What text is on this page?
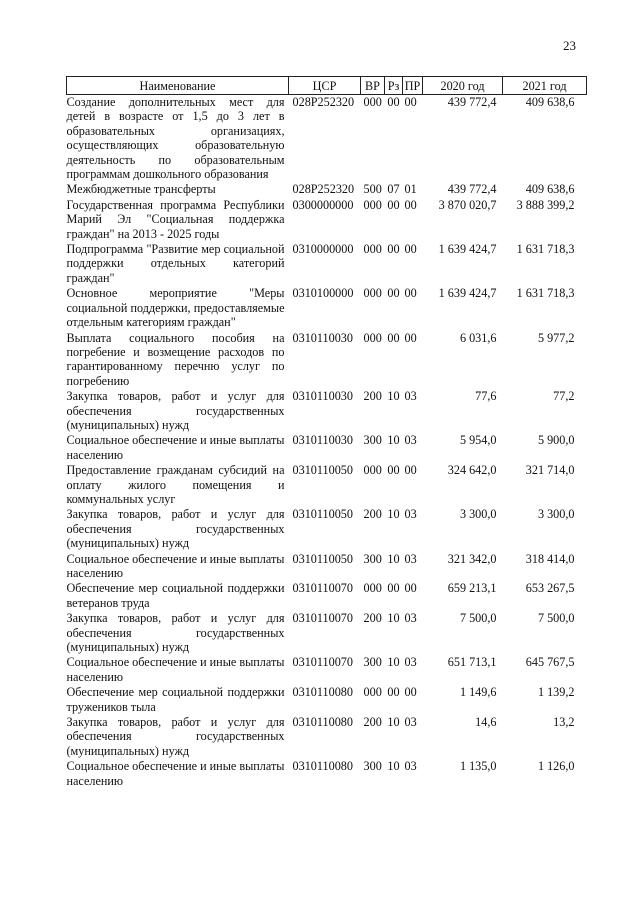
23
Наименование	ЦСР	ВР	Рз	ПР	2020 год	2021 год
Создание дополнительных мест для детей в возрасте от 1,5 до 3 лет в образовательных организациях, осуществляющих образовательную деятельность по образовательным программам дошкольного образования	028P252320	000	00	00	439 772,4	409 638,6
Межбюджетные трансферты	028P252320	500	07	01	439 772,4	409 638,6
Государственная программа Республики Марий Эл "Социальная поддержка граждан" на 2013 - 2025 годы	0300000000	000	00	00	3 870 020,7	3 888 399,2
Подпрограмма "Развитие мер социальной поддержки отдельных категорий граждан"	0310000000	000	00	00	1 639 424,7	1 631 718,3
Основное мероприятие "Меры социальной поддержки, предоставляемые отдельным категориям граждан"	0310100000	000	00	00	1 639 424,7	1 631 718,3
Выплата социального пособия на погребение и возмещение расходов по гарантированному перечню услуг по погребению	0310110030	000	00	00	6 031,6	5 977,2
Закупка товаров, работ и услуг для обеспечения государственных (муниципальных) нужд	0310110030	200	10	03	77,6	77,2
Социальное обеспечение и иные выплаты населению	0310110030	300	10	03	5 954,0	5 900,0
Предоставление гражданам субсидий на оплату жилого помещения и коммунальных услуг	0310110050	000	00	00	324 642,0	321 714,0
Закупка товаров, работ и услуг для обеспечения государственных (муниципальных) нужд	0310110050	200	10	03	3 300,0	3 300,0
Социальное обеспечение и иные выплаты населению	0310110050	300	10	03	321 342,0	318 414,0
Обеспечение мер социальной поддержки ветеранов труда	0310110070	000	00	00	659 213,1	653 267,5
Закупка товаров, работ и услуг для обеспечения государственных (муниципальных) нужд	0310110070	200	10	03	7 500,0	7 500,0
Социальное обеспечение и иные выплаты населению	0310110070	300	10	03	651 713,1	645 767,5
Обеспечение мер социальной поддержки тружеников тыла	0310110080	000	00	00	1 149,6	1 139,2
Закупка товаров, работ и услуг для обеспечения государственных (муниципальных) нужд	0310110080	200	10	03	14,6	13,2
Социальное обеспечение и иные выплаты населению	0310110080	300	10	03	1 135,0	1 126,0
